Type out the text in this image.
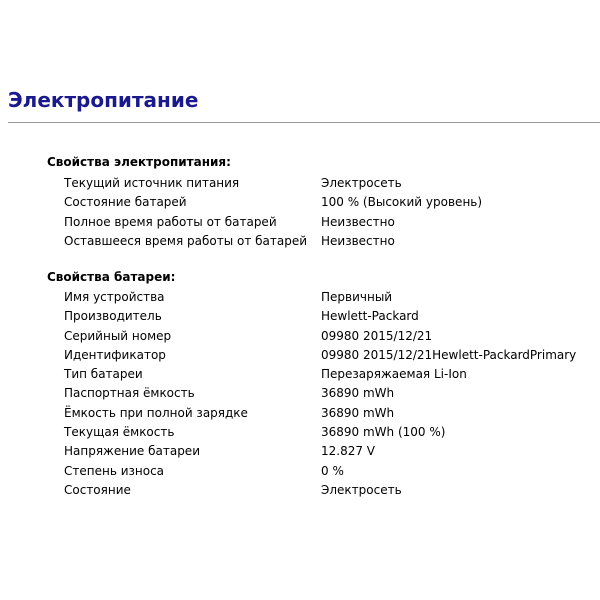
Электропитание
Свойства электропитания:
Текущий источник питания	Электросеть
Состояние батарей	100 % (Высокий уровень)
Полное время работы от батарей	Неизвестно
Оставшееся время работы от батарей	Неизвестно
Свойства батареи:
Имя устройства	Первичный
Производитель	Hewlett-Packard
Серийный номер	09980 2015/12/21
Идентификатор	09980 2015/12/21Hewlett-PackardPrimary
Тип батареи	Перезаряжаемая Li-Ion
Паспортная ёмкость	36890 mWh
Ёмкость при полной зарядке	36890 mWh
Текущая ёмкость	36890 mWh (100 %)
Напряжение батареи	12.827 V
Степень износа	0 %
Состояние	Электросеть
